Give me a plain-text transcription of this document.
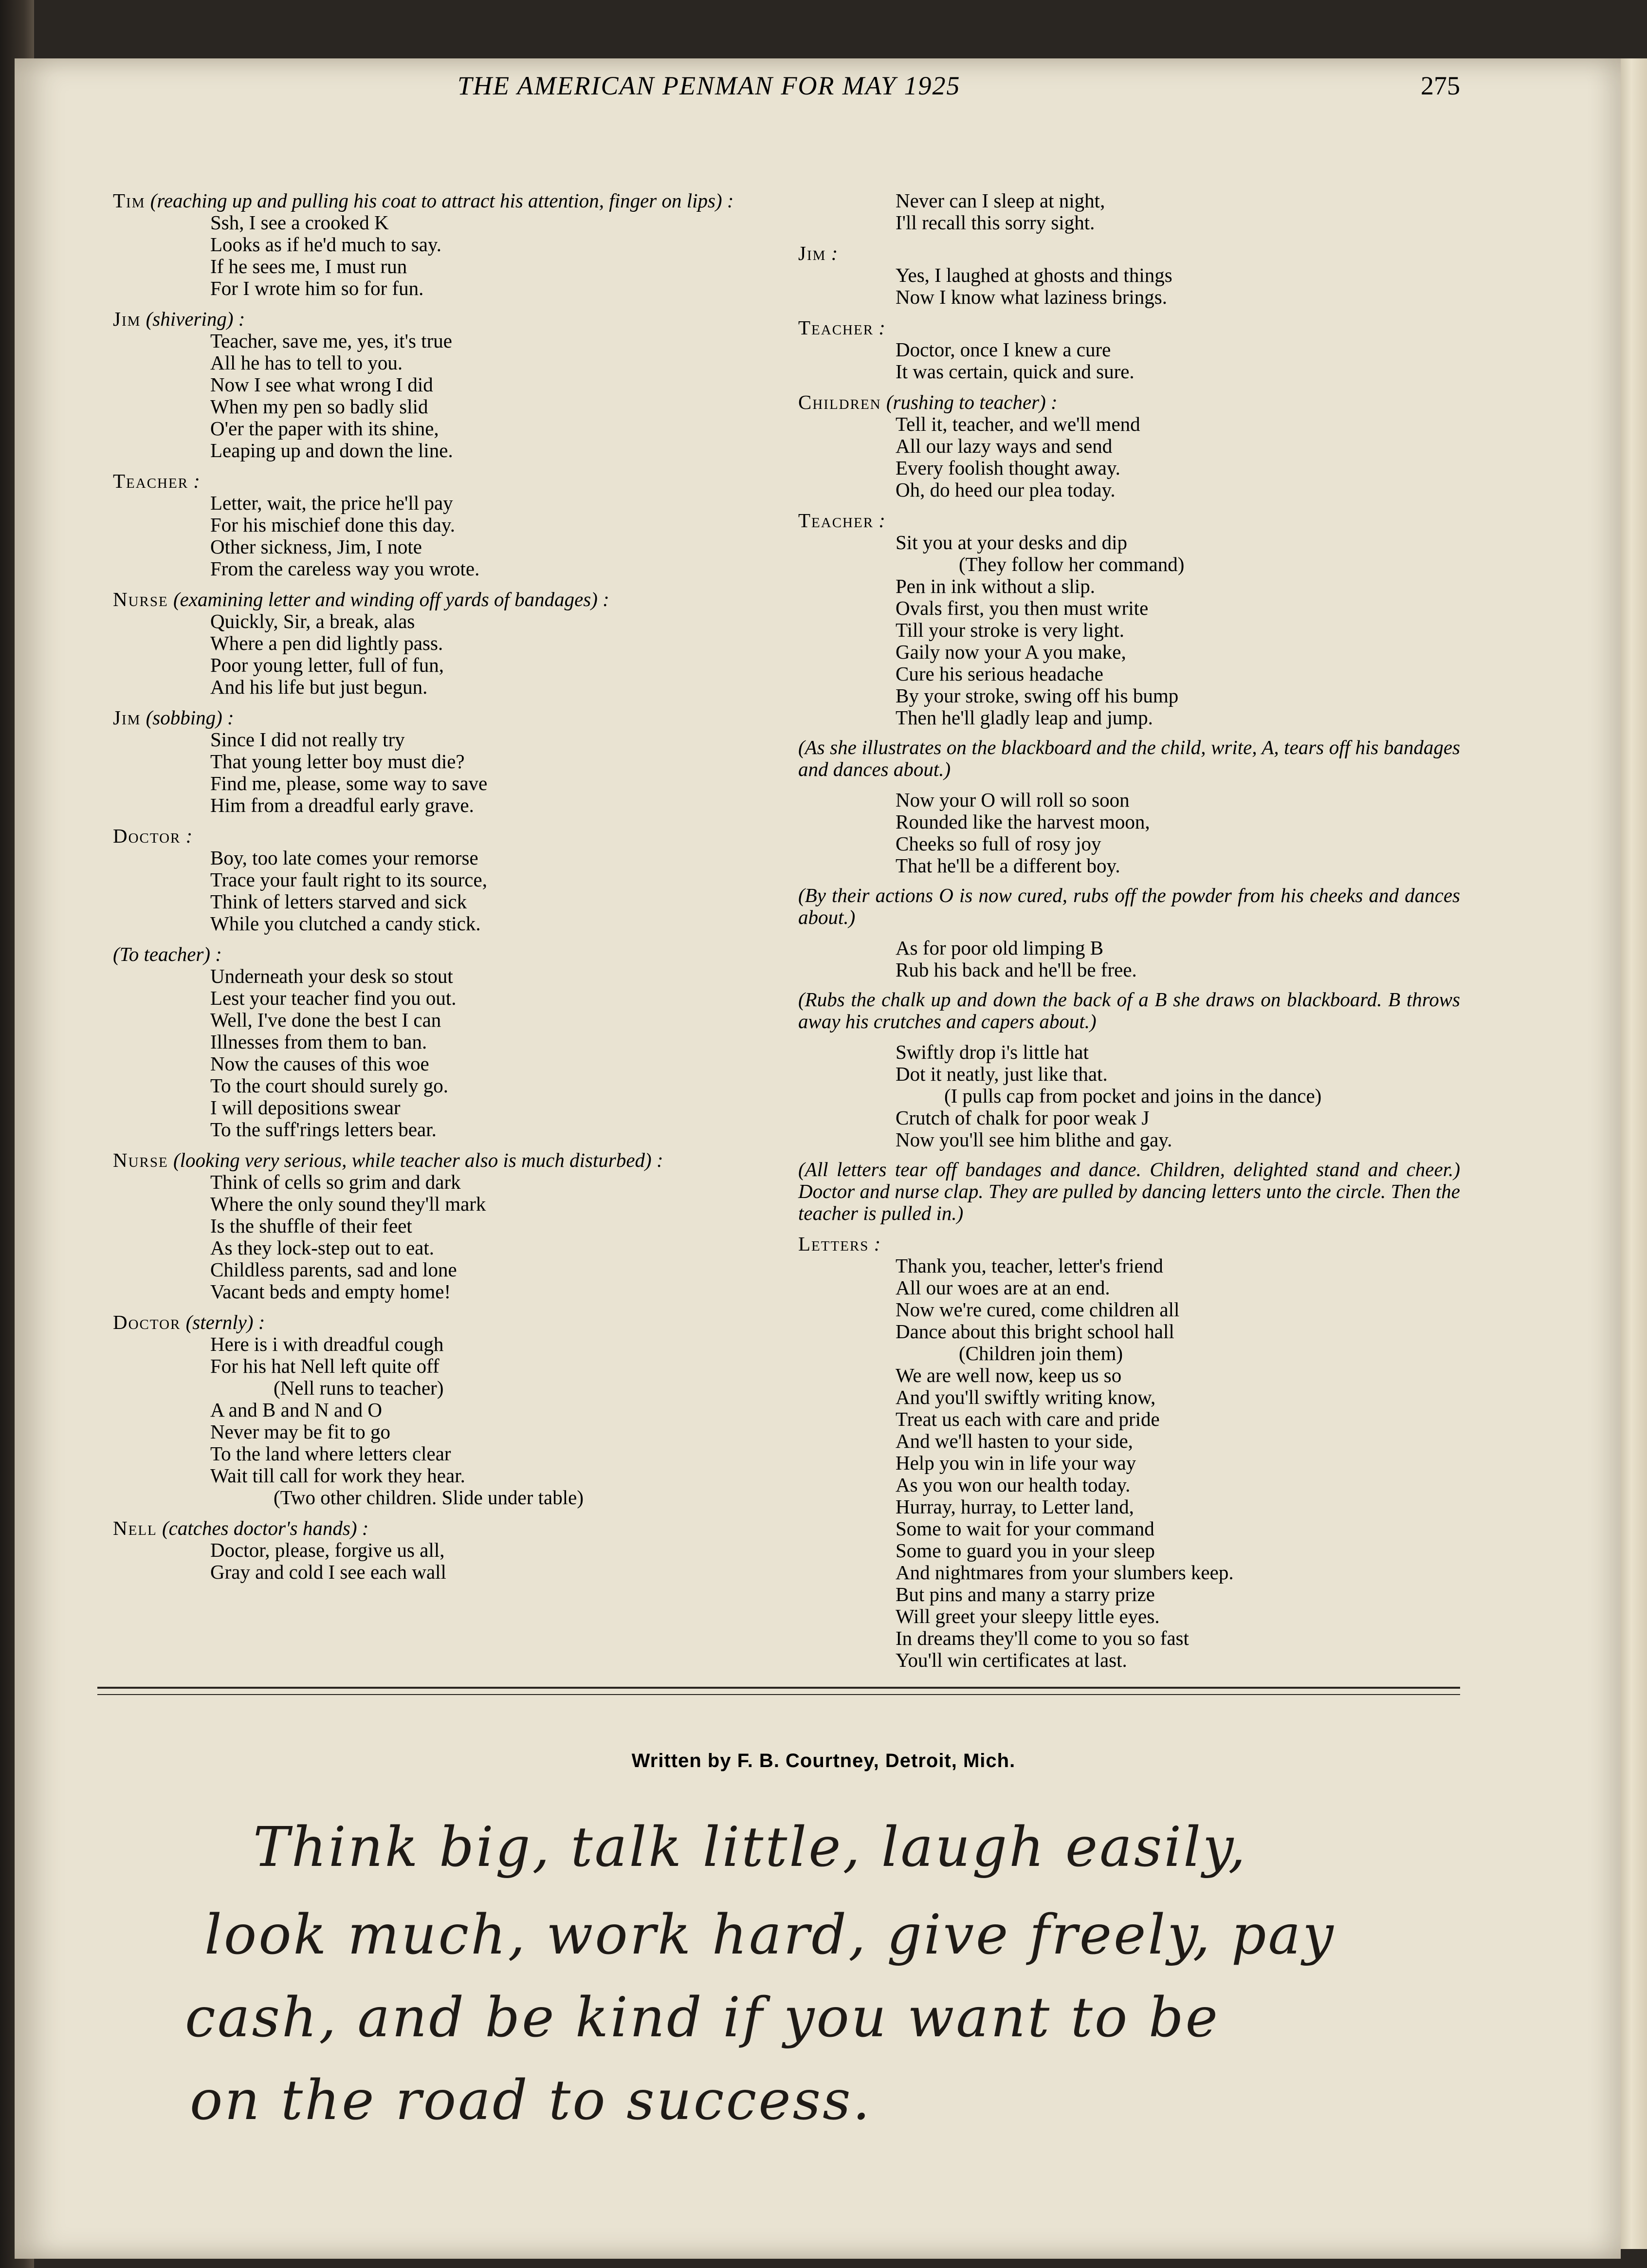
THE AMERICAN PENMAN FOR MAY 1925	275
Tim (reaching up and pulling his coat to attract his attention, finger on lips) :
Ssh, I see a crooked K
Looks as if he'd much to say.
If he sees me, I must run
For I wrote him so for fun.
Jim (shivering) :
Teacher, save me, yes, it's true
All he has to tell to you.
Now I see what wrong I did
When my pen so badly slid
O'er the paper with its shine,
Leaping up and down the line.
Teacher :
Letter, wait, the price he'll pay
For his mischief done this day.
Other sickness, Jim, I note
From the careless way you wrote.
Nurse (examining letter and winding off yards of bandages) :
Quickly, Sir, a break, alas
Where a pen did lightly pass.
Poor young letter, full of fun,
And his life but just begun.
Jim (sobbing) :
Since I did not really try
That young letter boy must die?
Find me, please, some way to save
Him from a dreadful early grave.
Doctor :
Boy, too late comes your remorse
Trace your fault right to its source,
Think of letters starved and sick
While you clutched a candy stick.
(To teacher) :
Underneath your desk so stout
Lest your teacher find you out.
Well, I've done the best I can
Illnesses from them to ban.
Now the causes of this woe
To the court should surely go.
I will depositions swear
To the suff'rings letters bear.
Nurse (looking very serious, while teacher also is much disturbed) :
Think of cells so grim and dark
Where the only sound they'll mark
Is the shuffle of their feet
As they lock-step out to eat.
Childless parents, sad and lone
Vacant beds and empty home!
Doctor (sternly) :
Here is i with dreadful cough
For his hat Nell left quite off
(Nell runs to teacher)
A and B and N and O
Never may be fit to go
To the land where letters clear
Wait till call for work they hear.
(Two other children. Slide under table)
Nell (catches doctor's hands) :
Doctor, please, forgive us all,
Gray and cold I see each wall
Never can I sleep at night,
I'll recall this sorry sight.
Jim :
Yes, I laughed at ghosts and things
Now I know what laziness brings.
Teacher :
Doctor, once I knew a cure
It was certain, quick and sure.
Children (rushing to teacher) :
Tell it, teacher, and we'll mend
All our lazy ways and send
Every foolish thought away.
Oh, do heed our plea today.
Teacher :
Sit you at your desks and dip
(They follow her command)
Pen in ink without a slip.
Ovals first, you then must write
Till your stroke is very light.
Gaily now your A you make,
Cure his serious headache
By your stroke, swing off his bump
Then he'll gladly leap and jump.
(As she illustrates on the blackboard and the child, write, A, tears off his bandages and dances about.)
Now your O will roll so soon
Rounded like the harvest moon,
Cheeks so full of rosy joy
That he'll be a different boy.
(By their actions O is now cured, rubs off the powder from his cheeks and dances about.)
As for poor old limping B
Rub his back and he'll be free.
(Rubs the chalk up and down the back of a B she draws on blackboard. B throws away his crutches and capers about.)
Swiftly drop i's little hat
Dot it neatly, just like that.
(I pulls cap from pocket and joins in the dance)
Crutch of chalk for poor weak J
Now you'll see him blithe and gay.
(All letters tear off bandages and dance. Children, delighted stand and cheer.) Doctor and nurse clap. They are pulled by dancing letters unto the circle. Then the teacher is pulled in.)
Letters :
Thank you, teacher, letter's friend
All our woes are at an end.
Now we're cured, come children all
Dance about this bright school hall
(Children join them)
We are well now, keep us so
And you'll swiftly writing know,
Treat us each with care and pride
And we'll hasten to your side,
Help you win in life your way
As you won our health today.
Hurray, hurray, to Letter land,
Some to wait for your command
Some to guard you in your sleep
And nightmares from your slumbers keep.
But pins and many a starry prize
Will greet your sleepy little eyes.
In dreams they'll come to you so fast
You'll win certificates at last.
Written by F. B. Courtney, Detroit, Mich.
Think big, talk little, laugh easily,
look much, work hard, give freely, pay
cash, and be kind if you want to be
on the road to success.
